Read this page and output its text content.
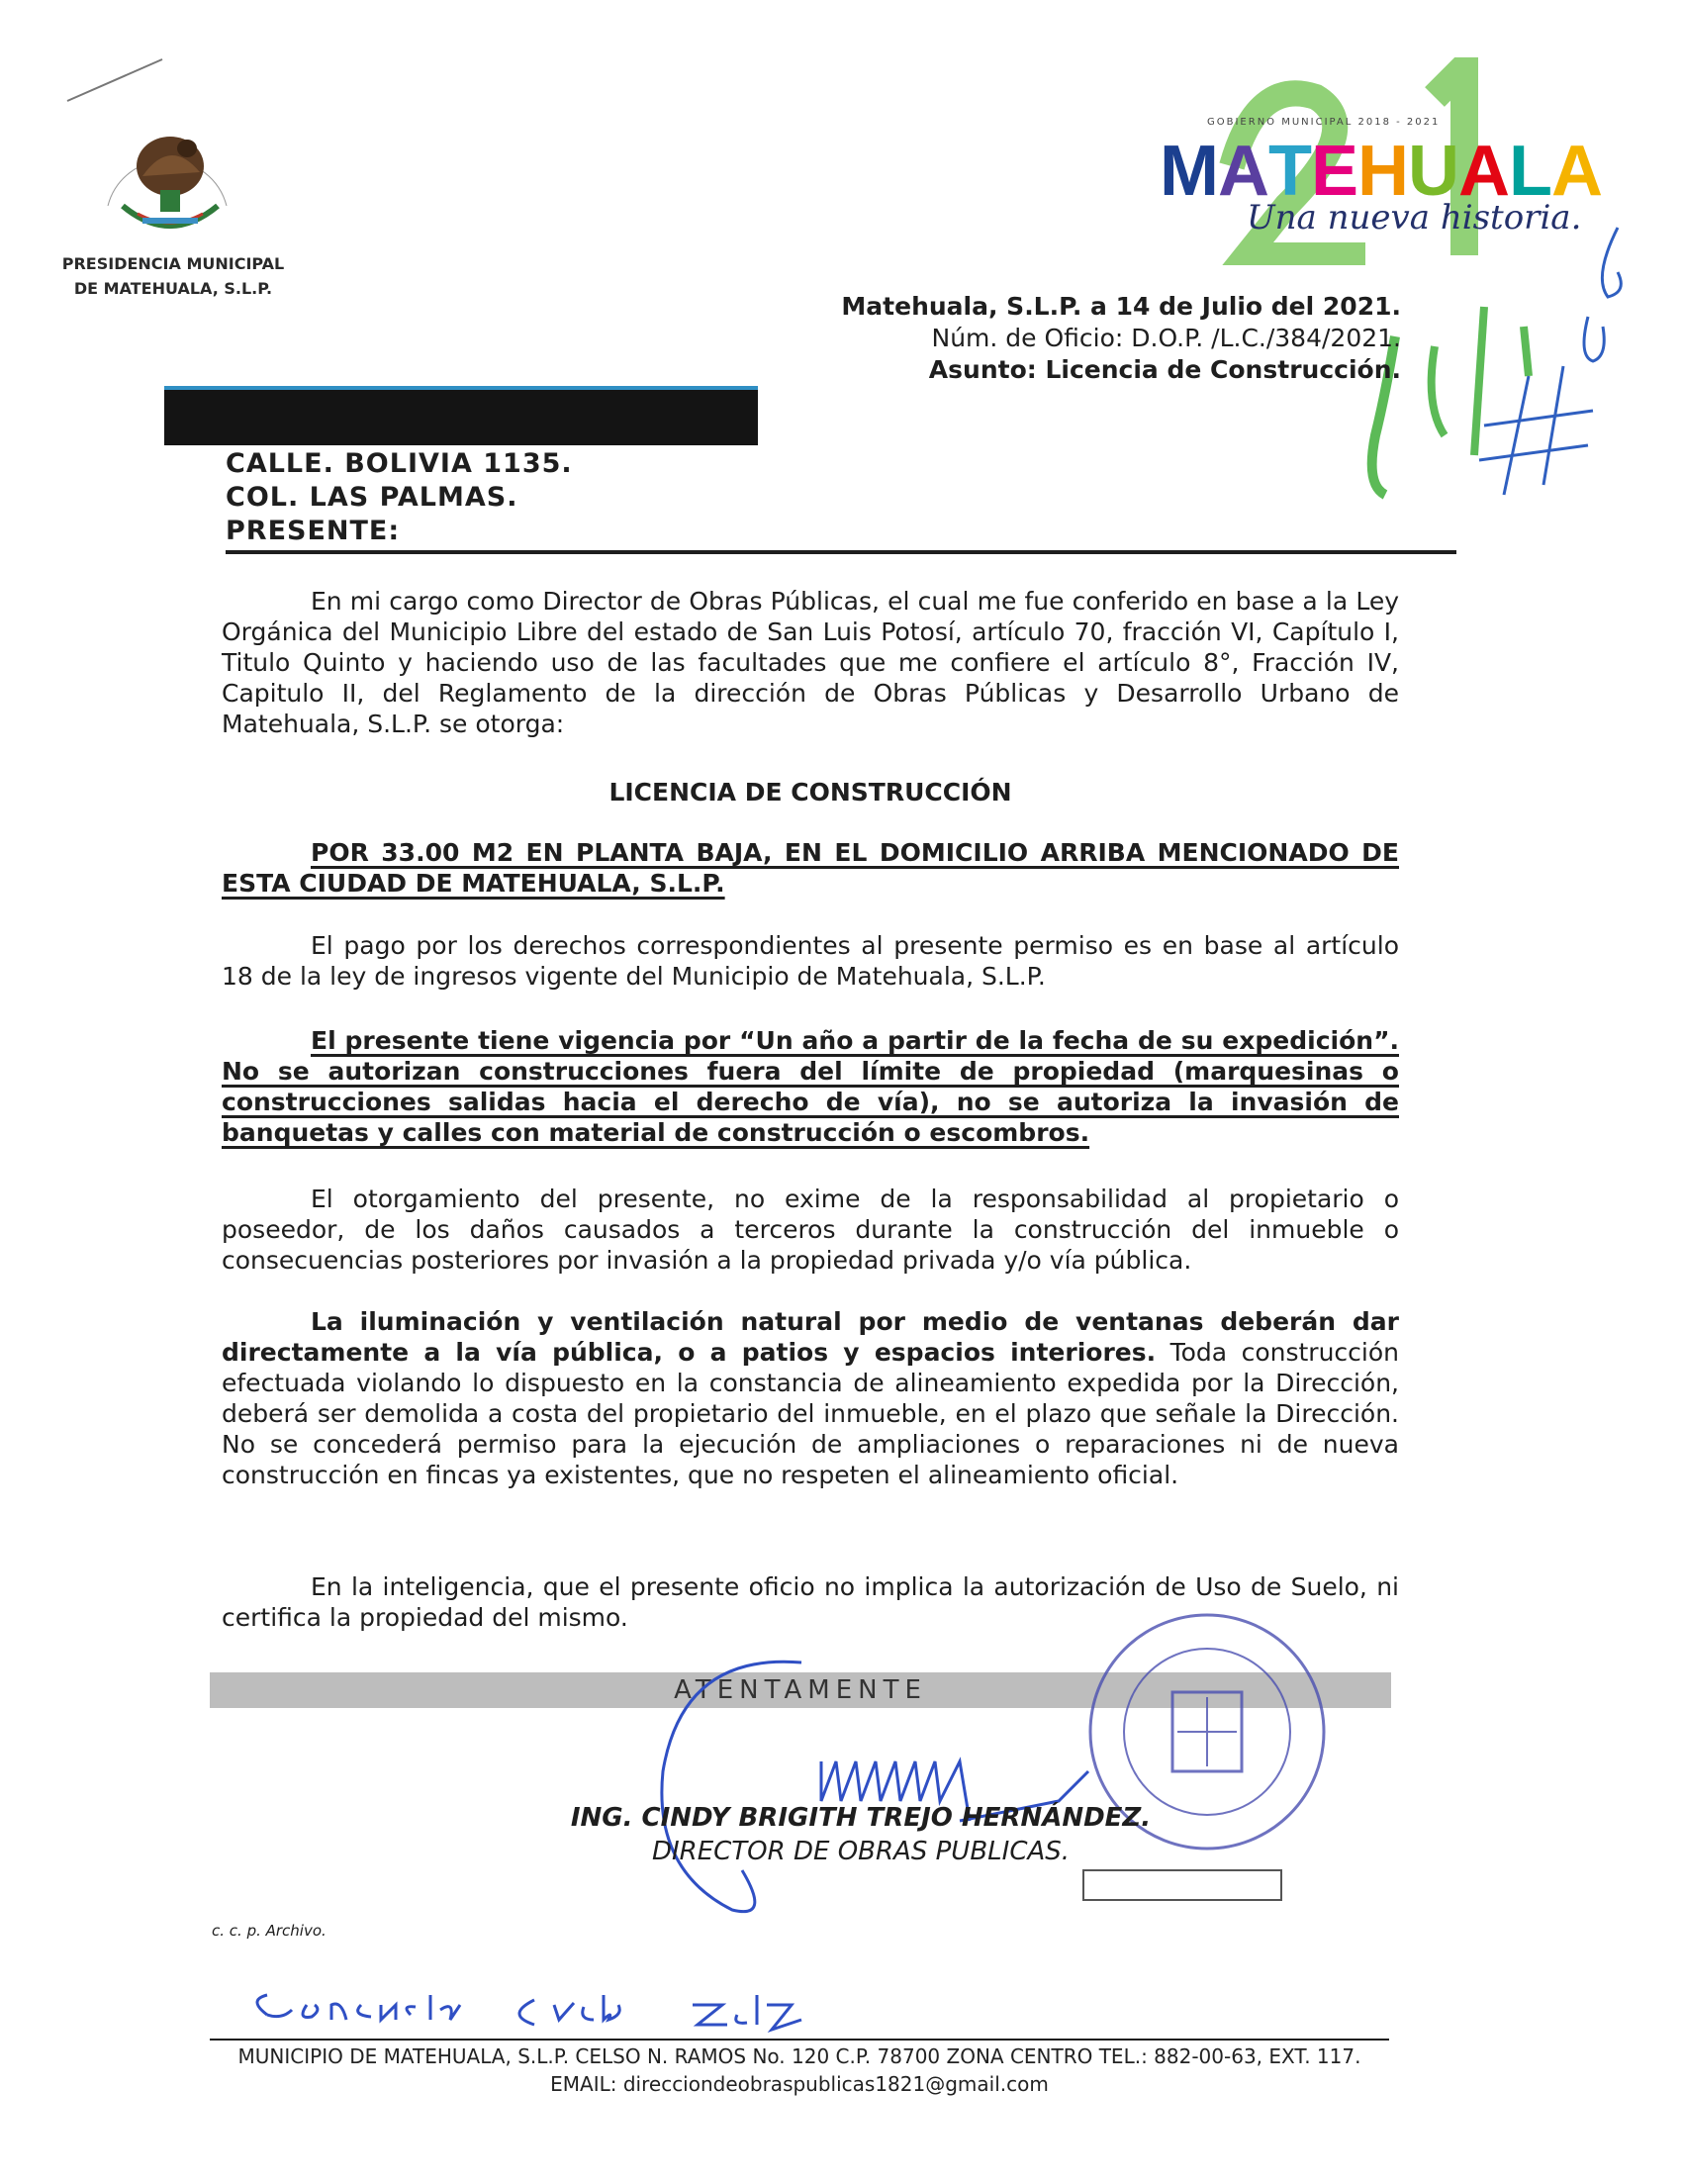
PRESIDENCIA MUNICIPAL DE MATEHUALA, S.L.P.
GOBIERNO MUNICIPAL 2018 - 2021
MATEHUALA
Una nueva historia.
Matehuala, S.L.P. a 14 de Julio del 2021.
Núm. de Oficio: D.O.P. /L.C./384/2021.
Asunto: Licencia de Construcción.
CALLE. BOLIVIA 1135.
COL. LAS PALMAS.
PRESENTE:
En mi cargo como Director de Obras Públicas, el cual me fue conferido en base a la Ley Orgánica del Municipio Libre del estado de San Luis Potosí, artículo 70, fracción VI, Capítulo I, Titulo Quinto y haciendo uso de las facultades que me confiere el artículo 8°, Fracción IV, Capitulo II, del Reglamento de la dirección de Obras Públicas y Desarrollo Urbano de Matehuala, S.L.P. se otorga:
LICENCIA DE CONSTRUCCIÓN
POR 33.00 M2 EN PLANTA BAJA, EN EL DOMICILIO ARRIBA MENCIONADO DE ESTA CIUDAD DE MATEHUALA, S.L.P.
El pago por los derechos correspondientes al presente permiso es en base al artículo 18 de la ley de ingresos vigente del Municipio de Matehuala, S.L.P.
El presente tiene vigencia por “Un año a partir de la fecha de su expedición”. No se autorizan construcciones fuera del límite de propiedad (marquesinas o construcciones salidas hacia el derecho de vía), no se autoriza la invasión de banquetas y calles con material de construcción o escombros.
El otorgamiento del presente, no exime de la responsabilidad al propietario o poseedor, de los daños causados a terceros durante la construcción del inmueble o consecuencias posteriores por invasión a la propiedad privada y/o vía pública.
La iluminación y ventilación natural por medio de ventanas deberán dar directamente a la vía pública, o a patios y espacios interiores. Toda construcción efectuada violando lo dispuesto en la constancia de alineamiento expedida por la Dirección, deberá ser demolida a costa del propietario del inmueble, en el plazo que señale la Dirección. No se concederá permiso para la ejecución de ampliaciones o reparaciones ni de nueva construcción en fincas ya existentes, que no respeten el alineamiento oficial.
En la inteligencia, que el presente oficio no implica la autorización de Uso de Suelo, ni certifica la propiedad del mismo.
ATENTAMENTE
ING. CINDY BRIGITH TREJO HERNÁNDEZ.
DIRECTOR DE OBRAS PUBLICAS.
c. c. p. Archivo.
MUNICIPIO DE MATEHUALA, S.L.P. CELSO N. RAMOS No. 120 C.P. 78700 ZONA CENTRO TEL.: 882-00-63, EXT. 117.
EMAIL: direcciondeobraspublicas1821@gmail.com
